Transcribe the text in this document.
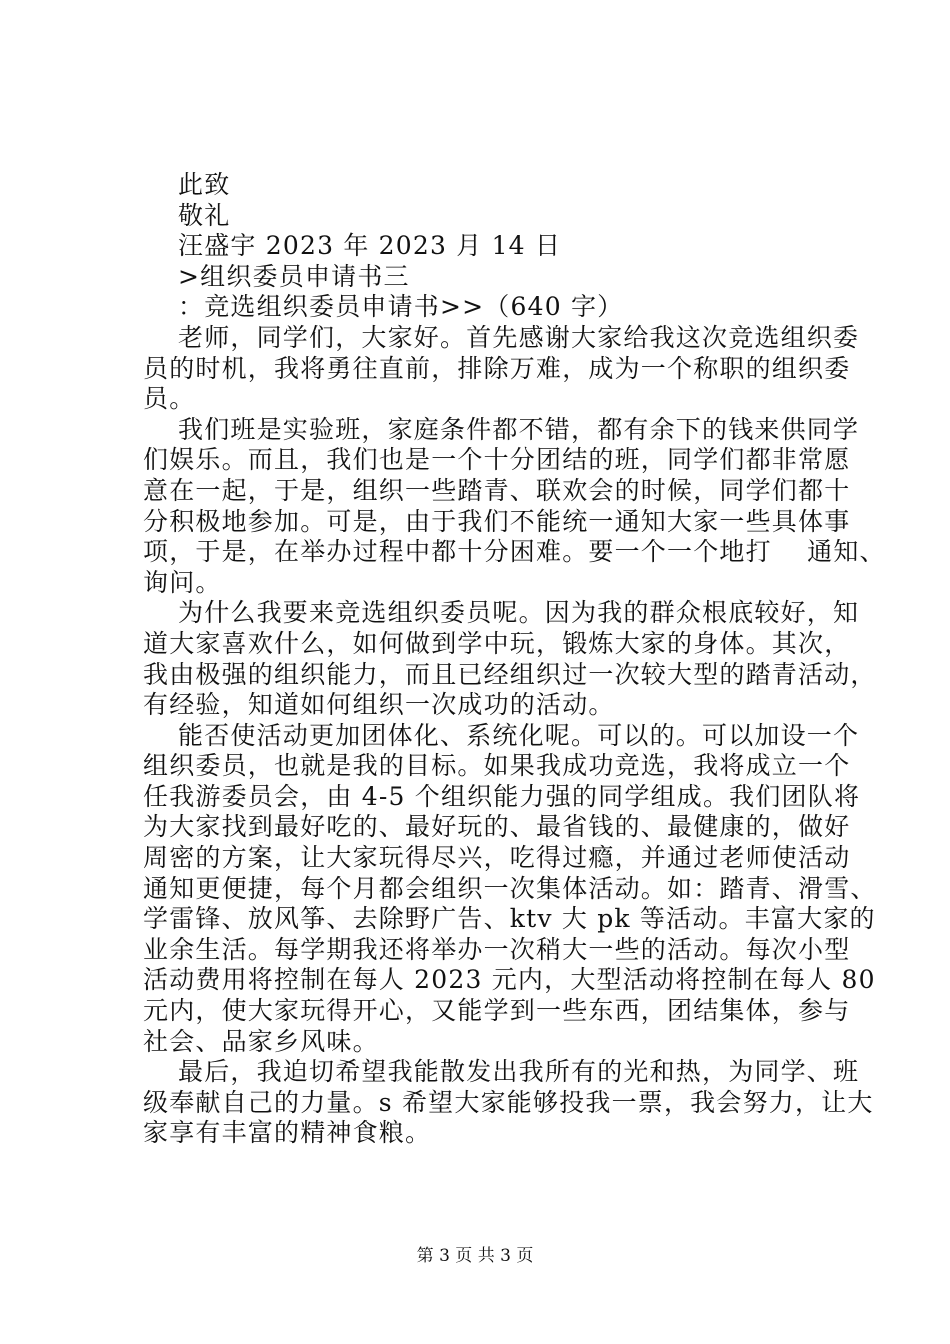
此致
敬礼
汪盛宇 2023 年 2023 月 14 日
>组织委员申请书三
：竞选组织委员申请书>>（640 字）
老师，同学们，大家好。首先感谢大家给我这次竞选组织委
员的时机，我将勇往直前，排除万难，成为一个称职的组织委
员。
我们班是实验班，家庭条件都不错，都有余下的钱来供同学
们娱乐。而且，我们也是一个十分团结的班，同学们都非常愿
意在一起，于是，组织一些踏青、联欢会的时候，同学们都十
分积极地参加。可是，由于我们不能统一通知大家一些具体事
项，于是，在举办过程中都十分困难。要一个一个地打　 通知、
询问。
为什么我要来竞选组织委员呢。因为我的群众根底较好，知
道大家喜欢什么，如何做到学中玩，锻炼大家的身体。其次，
我由极强的组织能力，而且已经组织过一次较大型的踏青活动，
有经验，知道如何组织一次成功的活动。
能否使活动更加团体化、系统化呢。可以的。可以加设一个
组织委员，也就是我的目标。如果我成功竞选，我将成立一个
任我游委员会，由 4-5 个组织能力强的同学组成。我们团队将
为大家找到最好吃的、最好玩的、最省钱的、最健康的，做好
周密的方案，让大家玩得尽兴，吃得过瘾，并通过老师使活动
通知更便捷，每个月都会组织一次集体活动。如：踏青、滑雪、
学雷锋、放风筝、去除野广告、ktv 大 pk 等活动。丰富大家的
业余生活。每学期我还将举办一次稍大一些的活动。每次小型
活动费用将控制在每人 2023 元内，大型活动将控制在每人 80
元内，使大家玩得开心，又能学到一些东西，团结集体，参与
社会、品家乡风味。
最后，我迫切希望我能散发出我所有的光和热，为同学、班
级奉献自己的力量。s 希望大家能够投我一票，我会努力，让大
家享有丰富的精神食粮。
第 3 页 共 3 页
